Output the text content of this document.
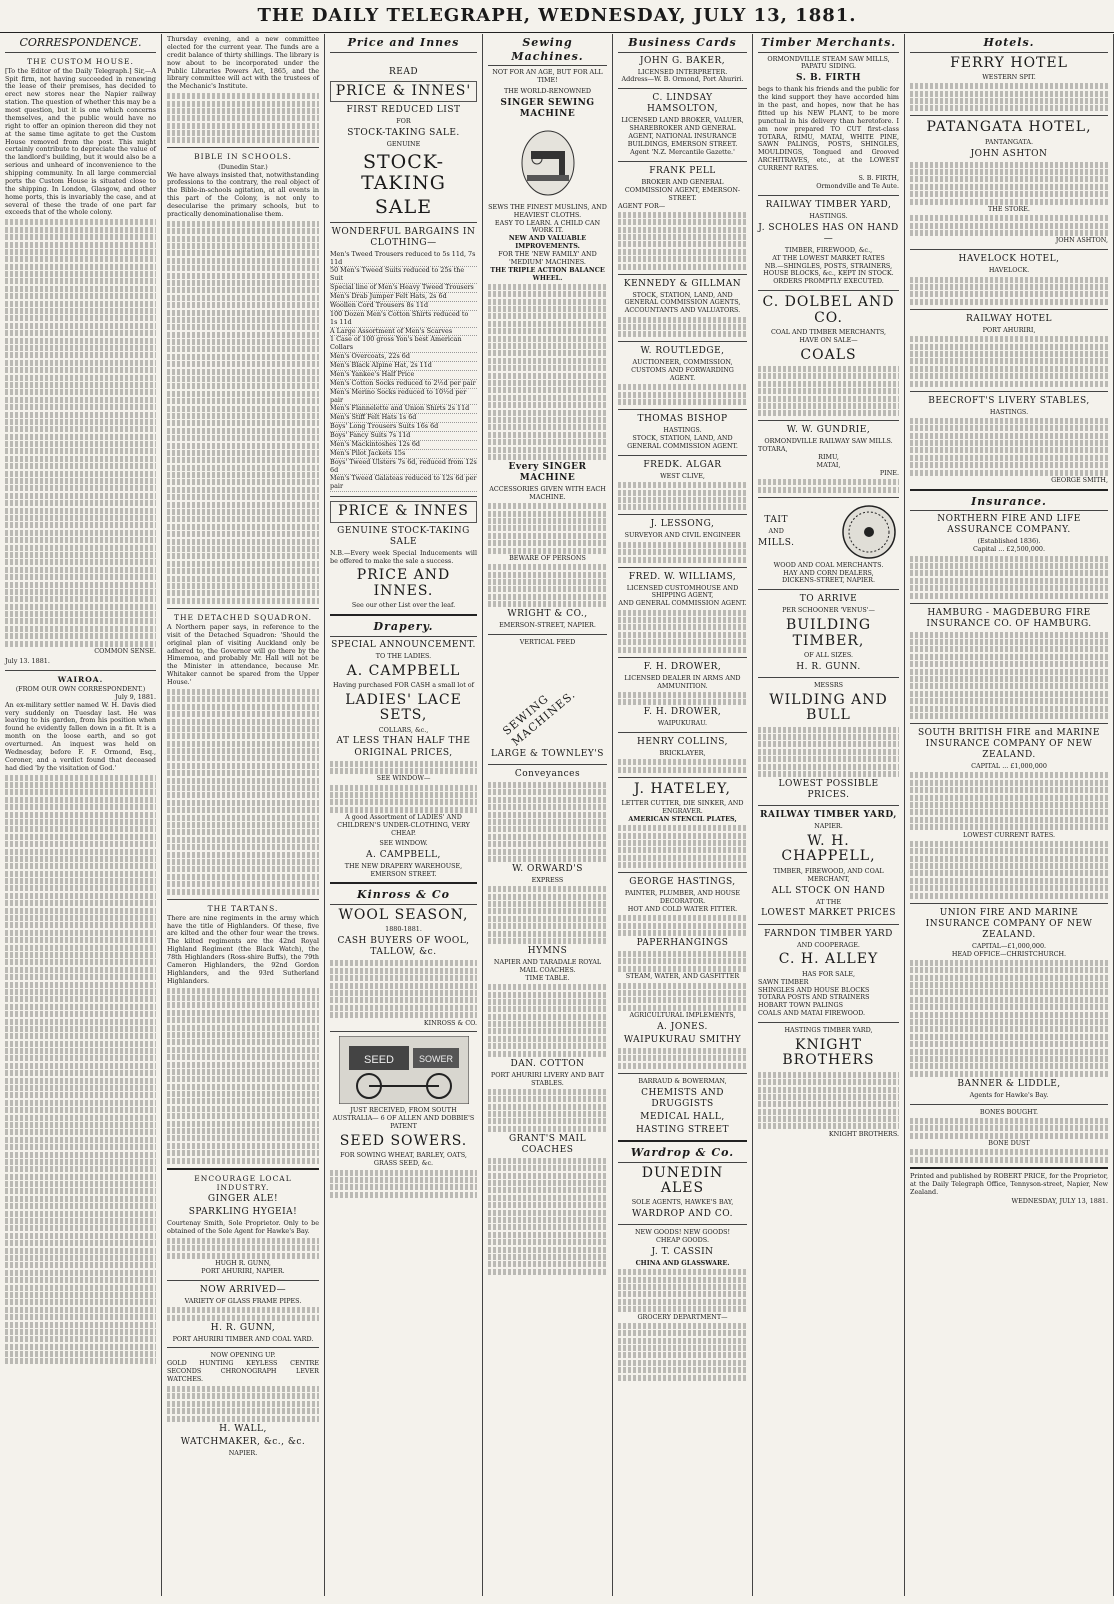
THE DAILY TELEGRAPH, WEDNESDAY, JULY 13, 1881.
CORRESPONDENCE.
THE CUSTOM HOUSE.

[To the Editor of the Daily Telegraph.] Sir,—A Spit firm, not having succeeded in renewing the lease of their premises, has decided to erect new stores near the Napier railway station. The question of whether this may be a most question, but it is one which concerns themselves, and the public would have no right to offer an opinion thereon did they not at the same time agitate to get the Custom House removed from the post. This might certainly contribute to depreciate the value of the landlord's building, but it would also be a serious and unheard of inconvenience to the shipping community. In all large commercial ports the Custom House is situated close to the shipping. In London, Glasgow, and other home ports, this is invariably the case, and at several of these the trade of one part far exceeds that of the whole colony.

COMMON SENSE.

July 13. 1881.

WAIROA.
(FROM OUR OWN CORRESPONDENT.)
July 9, 1881.

An ex-military settler named W. H. Davis died very suddenly on Tuesday last. He was leaving to his garden, from his position when found he evidently fallen down in a fit. It is a month on the loose earth, and so got overturned. An inquest was held on Wednesday, before F. F. Ormond, Esq., Coroner, and a verdict found that deceased had died 'by the visitation of God.'

Thursday evening, and a new committee elected for the current year. The funds are a credit balance of thirty shillings. The library is now about to be incorporated under the Public Libraries Powers Act, 1865, and the library committee will act with the trustees of the Mechanic's Institute.

BIBLE IN SCHOOLS.
(Dunedin Star.)

We have always insisted that, notwithstanding professions to the contrary, the real object of the Bible-in-schools agitation, at all events in this part of the Colony, is not only to desecularise the primary schools, but to practically denominationalise them.

THE DETACHED SQUADRON.

A Northern paper says, in reference to the visit of the Detached Squadron: 'Should the original plan of visiting Auckland only be adhered to, the Governor will go there by the Himemoa, and probably Mr. Hall will not be the Minister in attendance, because Mr. Whitaker cannot be spared from the Upper House.'

THE TARTANS.

There are nine regiments in the army which have the title of Highlanders. Of these, five are kilted and the other four wear the trews. The kilted regiments are the 42nd Royal Highland Regiment (the Black Watch), the 78th Highlanders (Ross-shire Buffs), the 79th Cameron Highlanders, the 92nd Gordon Highlanders, and the 93rd Sutherland Highlanders.

ENCOURAGE LOCAL INDUSTRY.
GINGER ALE!
SPARKLING HYGEIA!

Courtenay Smith, Sole Proprietor. Only to be obtained of the Sole Agent for Hawke's Bay.

HUGH R. GUNN,
PORT AHURIRI, NAPIER.
NOW ARRIVED—
VARIETY OF GLASS FRAME PIPES.
H. R. GUNN,
PORT AHURIRI TIMBER AND COAL YARD.
NOW OPENING UP.

GOLD HUNTING KEYLESS CENTRE SECONDS CHRONOGRAPH LEVER WATCHES.

H. WALL,
WATCHMAKER, &c., &c.
NAPIER.
Price and Innes
READ
PRICE & INNES'
FIRST REDUCED LIST
FOR
STOCK-TAKING SALE.
GENUINE
STOCK-TAKING
SALE
WONDERFUL BARGAINS IN CLOTHING—
Men's Tweed Trousers reduced to 5s 11d, 7s 11d
50 Men's Tweed Suits reduced to 25s the Suit
Special line of Men's Heavy Tweed Trousers
Men's Drab Jumper Felt Hats, 2s 6d
Woollen Cord Trousers 8s 11d
100 Dozen Men's Cotton Shirts reduced to 1s 11d
A Large Assortment of Men's Scarves
1 Case of 100 gross Yon's best American Collars
Men's Overcoats, 22s 6d
Men's Black Alpine Hat, 2s 11d
Men's Yankee's Half Price
Men's Cotton Socks reduced to 2½d per pair
Men's Merino Socks reduced to 10½d per pair
Men's Flannelette and Union Shirts 2s 11d
Men's Stiff Felt Hats 1s 6d
Boys' Long Trousers Suits 16s 6d
Boys' Fancy Suits 7s 11d
Men's Mackintoshes 12s 6d
Men's Pilot Jackets 15s
Boys' Tweed Ulsters 7s 6d, reduced from 12s 6d
Men's Tweed Galateas reduced to 12s 6d per pair
PRICE & INNES
GENUINE STOCK-TAKING SALE

N.B.—Every week Special Inducements will be offered to make the sale a success.

PRICE AND INNES.
See our other List over the leaf.
Drapery.
SPECIAL ANNOUNCEMENT.
TO THE LADIES.
A. CAMPBELL
Having purchased FOR CASH a small lot of
LADIES' LACE SETS,
COLLARS, &c.,
AT LESS THAN HALF THE ORIGINAL PRICES,
SEE WINDOW—

A good Assortment of LADIES' AND CHILDREN'S UNDER-CLOTHING, VERY CHEAP.

SEE WINDOW.
A. CAMPBELL,
THE NEW DRAPERY WAREHOUSE,
EMERSON STREET.
Kinross & Co
WOOL SEASON,
1880-1881.
CASH BUYERS OF WOOL, TALLOW, &c.
KINROSS & CO.
SEED	SOWER
JUST RECEIVED, FROM SOUTH AUSTRALIA— 6 OF ALLEN AND DOBBIE'S PATENT
SEED SOWERS.
FOR SOWING WHEAT, BARLEY, OATS, GRASS SEED, &c.
Sewing Machines.
NOT FOR AN AGE, BUT FOR ALL TIME!
THE WORLD-RENOWNED
SINGER SEWING MACHINE
SEWS THE FINEST MUSLINS, AND HEAVIEST CLOTHS.
EASY TO LEARN. A CHILD CAN WORK IT.
NEW AND VALUABLE IMPROVEMENTS.
FOR THE 'NEW FAMILY' AND 'MEDIUM' MACHINES.
THE TRIPLE ACTION BALANCE WHEEL.
Every SINGER MACHINE
ACCESSORIES GIVEN WITH EACH MACHINE.
BEWARE OF PERSONS
WRIGHT & CO.,
EMERSON-STREET, NAPIER.
VERTICAL FEED
SEWING MACHINES.
LARGE & TOWNLEY'S
Conveyances
W. ORWARD'S
EXPRESS
HYMNS
NAPIER AND TARADALE ROYAL MAIL COACHES.
TIME TABLE.
DAN. COTTON
PORT AHURIRI LIVERY AND BAIT STABLES.
GRANT'S MAIL COACHES
Business Cards
JOHN G. BAKER,
LICENSED INTERPRETER.
Address—W. B. Ormond, Port Ahuriri.
C. LINDSAY HAMSOLTON,
LICENSED LAND BROKER, VALUER,
SHAREBROKER AND GENERAL AGENT, NATIONAL INSURANCE BUILDINGS, EMERSON STREET.
Agent 'N.Z. Mercantile Gazette.'
FRANK PELL
BROKER AND GENERAL COMMISSION AGENT, EMERSON-STREET.
AGENT FOR—
KENNEDY & GILLMAN
STOCK, STATION, LAND, AND GENERAL COMMISSION AGENTS, ACCOUNTANTS AND VALUATORS.
W. ROUTLEDGE,
AUCTIONEER, COMMISSION, CUSTOMS AND FORWARDING AGENT.
THOMAS BISHOP
HASTINGS.
STOCK, STATION, LAND, AND GENERAL COMMISSION AGENT.
FREDK. ALGAR
WEST CLIVE,
J. LESSONG,
SURVEYOR AND CIVIL ENGINEER
FRED. W. WILLIAMS,
LICENSED CUSTOMHOUSE AND SHIPPING AGENT,
AND GENERAL COMMISSION AGENT.
F. H. DROWER,
LICENSED DEALER IN ARMS AND AMMUNITION.
F. H. DROWER,
WAIPUKURAU.
HENRY COLLINS,
BRICKLAYER,
J. HATELEY,
LETTER CUTTER, DIE SINKER, AND ENGRAVER.
AMERICAN STENCIL PLATES,
GEORGE HASTINGS,
PAINTER, PLUMBER, AND HOUSE DECORATOR.
HOT AND COLD WATER FITTER.
PAPERHANGINGS
STEAM, WATER, AND GASFITTER
AGRICULTURAL IMPLEMENTS,
A. JONES.
WAIPUKURAU SMITHY
BARRAUD & BOWERMAN,
CHEMISTS AND DRUGGISTS
MEDICAL HALL,
HASTING STREET
Wardrop & Co.
DUNEDIN ALES
SOLE AGENTS, HAWKE'S BAY,
WARDROP AND CO.
NEW GOODS! NEW GOODS!
CHEAP GOODS.
J. T. CASSIN
CHINA AND GLASSWARE.
GROCERY DEPARTMENT—
Timber Merchants.
ORMONDVILLE STEAM SAW MILLS, PAPATU SIDING.
S. B. FIRTH

begs to thank his friends and the public for the kind support they have accorded him in the past, and hopes, now that he has fitted up his NEW PLANT, to be more punctual in his delivery than heretofore. I am now prepared TO CUT first-class TOTARA, RIMU, MATAI, WHITE PINE, SAWN PALINGS, POSTS, SHINGLES, MOULDINGS, Tongued and Grooved ARCHITRAVES, etc., at the LOWEST CURRENT RATES.

S. B. FIRTH,
Ormondville and Te Aute.
RAILWAY TIMBER YARD,
HASTINGS.
J. SCHOLES HAS ON HAND—
TIMBER, FIREWOOD, &c.,
AT THE LOWEST MARKET RATES
NB.—SHINGLES, POSTS, STRAINERS, HOUSE BLOCKS, &c., KEPT IN STOCK.
ORDERS PROMPTLY EXECUTED.
C. DOLBEL AND CO.
COAL AND TIMBER MERCHANTS,
HAVE ON SALE—
COALS
W. W. GUNDRIE,
ORMONDVILLE RAILWAY SAW MILLS.
TOTARA,
RIMU,
MATAI,
PINE.
TAIT
AND
MILLS.
WOOD AND COAL MERCHANTS.
HAY AND CORN DEALERS,
DICKENS-STREET, NAPIER.
TO ARRIVE
PER SCHOONER 'VENUS'—
BUILDING TIMBER,
OF ALL SIZES.
H. R. GUNN.
MESSRS
WILDING AND BULL
LOWEST POSSIBLE PRICES.
RAILWAY TIMBER YARD,
NAPIER.
W. H. CHAPPELL,
TIMBER, FIREWOOD, AND COAL MERCHANT,
ALL STOCK ON HAND
AT THE
LOWEST MARKET PRICES
FARNDON TIMBER YARD
AND COOPERAGE.
C. H. ALLEY
HAS FOR SALE,
SAWN TIMBER
SHINGLES AND HOUSE BLOCKS
TOTARA POSTS AND STRAINERS
HOBART TOWN PALINGS
COALS AND MATAI FIREWOOD.
HASTINGS TIMBER YARD,
KNIGHT BROTHERS
KNIGHT BROTHERS.
Hotels.
FERRY HOTEL
WESTERN SPIT.
PATANGATA HOTEL,
PANTANGATA.
JOHN ASHTON
THE STORE.
JOHN ASHTON,
HAVELOCK HOTEL,
HAVELOCK.
RAILWAY HOTEL
PORT AHURIRI,
BEECROFT'S LIVERY STABLES,
HASTINGS.
GEORGE SMITH,
Insurance.
NORTHERN FIRE AND LIFE ASSURANCE COMPANY.
(Established 1836).
Capital ... £2,500,000.
HAMBURG - MAGDEBURG FIRE INSURANCE CO. OF HAMBURG.
SOUTH BRITISH FIRE and MARINE INSURANCE COMPANY OF NEW ZEALAND.
CAPITAL ... £1,000,000
LOWEST CURRENT RATES.
UNION FIRE AND MARINE INSURANCE COMPANY OF NEW ZEALAND.
CAPITAL—£1,000,000.
HEAD OFFICE—CHRISTCHURCH.
BANNER & LIDDLE,
Agents for Hawke's Bay.
BONES BOUGHT.
BONE DUST

Printed and published by ROBERT PRICE, for the Proprietor, at the Daily Telegraph Office, Tennyson-street, Napier, New Zealand.

WEDNESDAY, JULY 13, 1881.
